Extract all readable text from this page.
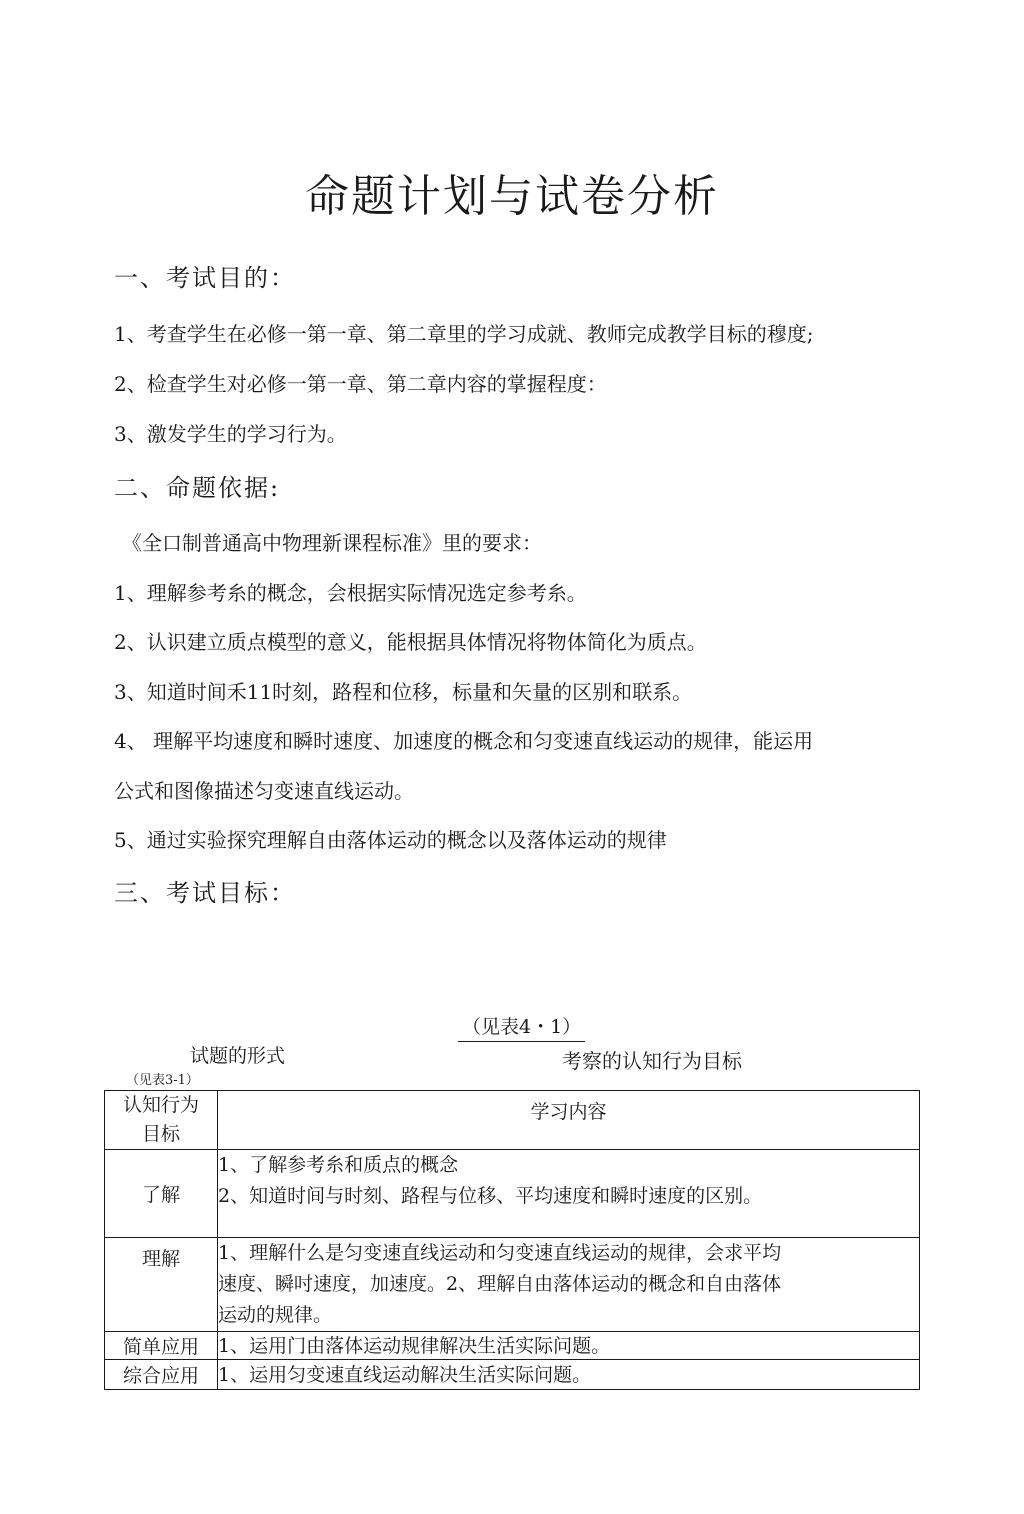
命题计划与试卷分析
一、考试目的：
1、考查学生在必修一第一章、第二章里的学习成就、教师完成教学目标的穆度;
2、检查学生对必修一第一章、第二章内容的掌握程度：
3、激发学生的学习行为。
二、命题依据:
《全口制普通高中物理新课程标准》里的要求：
1、理解参考糸的概念，会根据实际情况选定参考糸。
2、认识建立质点模型的意义，能根据具体情况将物体简化为质点。
3、知道时间禾11时刻，路程和位移，标量和矢量的区别和联系。
4、 理解平均速度和瞬时速度、加速度的概念和匀变速直线运动的规律，能运用
公式和图像描述匀变速直线运动。
5、通过实验探究理解自由落体运动的概念以及落体运动的规律
三、考试目标：
（见表4・1）
试题的形式	考察的认知行为目标
（见表3-1）
认知行为
目标	学习内容
了解	1、了解参考糸和质点的概念
2、知道时间与时刻、路程与位移、平均速度和瞬时速度的区别。

理解	1、理解什么是匀变速直线运动和匀变速直线运动的规律，会求平均
速度、瞬吋速度，加速度。2、理解自由落体运动的概念和自由落体
运动的规律。

简单应用	1、运用门由落体运动规律解决生活实际问题。

综合应用	1、运用匀变速直线运动解决生活实际问题。
